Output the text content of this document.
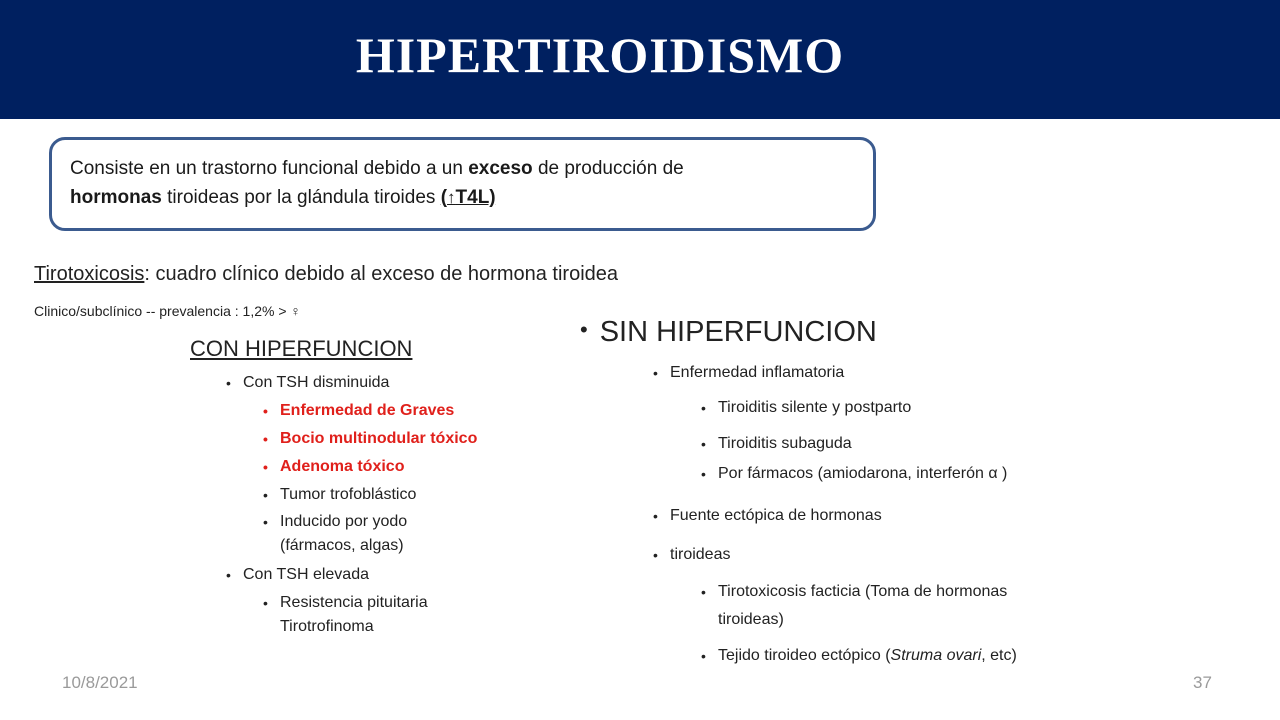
HIPERTIROIDISMO

Consiste en un trastorno funcional debido a un exceso de producción de
hormonas tiroideas por la glándula tiroides (↑T4L)

Tirotoxicosis: cuadro clínico debido al exceso de hormona tiroidea
Clinico/subclínico -- prevalencia : 1,2% > ♀
CON HIPERFUNCION
• Con TSH disminuida
• Enfermedad de Graves
• Bocio multinodular tóxico
• Adenoma tóxico
• Tumor trofoblástico
• Inducido por yodo
(fármacos, algas)
• Con TSH elevada
• Resistencia pituitaria
Tirotrofinoma
• SIN HIPERFUNCION
• Enfermedad inflamatoria
• Tiroiditis silente y postparto
• Tiroiditis subaguda
• Por fármacos (amiodarona, interferón α )
• Fuente ectópica de hormonas
• tiroideas
• Tirotoxicosis facticia (Toma de hormonas
tiroideas)
• Tejido tiroideo ectópico (Struma ovari, etc)
10/8/2021	37
